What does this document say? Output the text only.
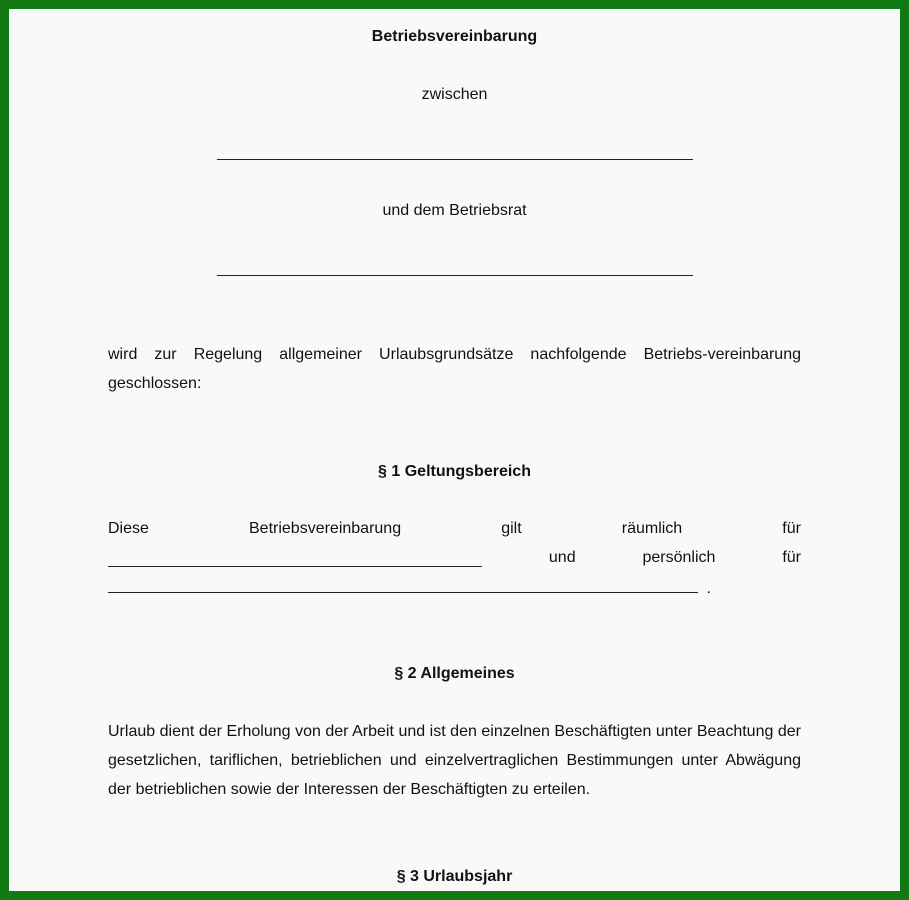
Betriebsvereinbarung
zwischen
und dem Betriebsrat
wird zur Regelung allgemeiner Urlaubsgrundsätze nachfolgende Betriebs-vereinbarung geschlossen:
§ 1 Geltungsbereich
Diese	Betriebsvereinbarung	gilt	räumlich	für
und	persönlich	für
.
§ 2 Allgemeines
Urlaub dient der Erholung von der Arbeit und ist den einzelnen Beschäftigten unter Beachtung der gesetzlichen, tariflichen, betrieblichen und einzelvertraglichen Bestimmungen unter Abwägung der betrieblichen sowie der Interessen der Beschäftigten zu erteilen.
§ 3 Urlaubsjahr
